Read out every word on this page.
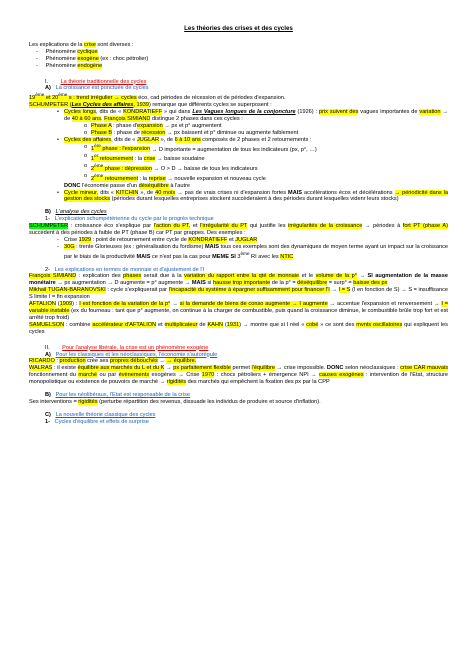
Les théories des crises et des cycles

Les explications de la crise sont diverses :

-     Phénomène cyclique

-     Phénomène exogène (ex : choc pétrolier)

-     Phénomène endogène

I. La théorie traditionnelle des cycles

A) La croissance est ponctuée de cycles

19ème et 20ème s : trend irrégulier → cycles éco, cad périodes de récession et de périodes d'expansion.

SCHUMPETER (Les Cycles des affaires, 1939) remarque que différents cycles se superposent :

• Cycles longs, dits de « KONDRATIEFF » qui dans Les Vagues longues de la conjoncture (1926) : prix suivent des vagues importantes de variation → de 40 à 60 ans. François SIMIAND distingue 2 phases dans ces cycles :
o Phase A : phase d'expansion → px et p° augmentent
o Phase B : phase de récession → px baissent et p° diminue ou augmente faiblement
• Cycles des affaires, dits de « JUGLAR », de 6 à 10 ans composés de 2 phases et 2 retournements :
o 1ère phase : l'expansion → D importante = augmentation de tous les indicateurs (px, p°, …)
o 1er retournement : la crise → baisse soudaine
o 2ème phase : dépression → O > D → baisse de tous les indicateurs
o 2ème retournement : la reprise → nouvelle expansion et nouveau cycle

DONC l'économie passe d'un déséquilibre à l'autre

• Cycle mineur, dits « KITCHIN », de 40 mois → pas de vrais crises ni d'expansion fortes MAIS accélérations écos et décélérations → périodicité dans la gestion des stocks (périodes durant lesquelles entreprises stockent succèderaient à des périodes durant lesquelles videnr leurs stocks)

B) L'analyse des cycles

1- L'explication schumpétérienne du cycle par le progrès technique

SCHUMPETER : croissance éco s'explique par l'action du PT, et l'irrégularité du PT qui justifie les irrégularités de la croissance → périodes à fort PT (phase A) succèdent à des périodes à faible de PT (phase B) car PT par grappes. Des exemples :

- Crise 1929 : point de retournement entre cycle de KONDRATIEFF et JUGLAR
- 30G : trente Glorieuses (ex : généralisation du fordisme) MAIS tous ces exemples sont des dynamiques de moyen terme ayant un impact sur la croissance par le biais de la productivité MAIS ce n'est pas la cas pour MEME SI 3ème RI avec les NTIC

2- Les explications en termes de monnaie et d'ajustement de l'I

François SIMIAND : explication des phases serait due à la variation du rapport entre la qté de monnaie et le volume de la p° → SI augmentation de la masse monétaire → px augmentation → D augmente = p° augmente → MAIS si hausse trop importante de la p° = déséquilibre = surp° = baisse des px

Mikhail TUGAN-BARANOVSKI : cycle s'expliquerait par l'incapacité du système à épargner suffisamment pour financer l'I → I = S (I en fonction de S) → S = insuffisance S limite I = fin expansion

AFTALION (1909) : I est fonction de la variation de la p° → si la demande de biens de conso augmente → I augmente → accentue l'expansion et renversement → I = variable instable (ex du fourneau : tant que p° augmente, on continue à la charger de combustible, puis quand la croissance diminue, le combustible brûle trop fort et est arrêté trop froid)

SAMUELSON : combine accélérateur d'AFTALION et multiplicateur de KAHN (1931) → montre que si I réel « cobé » ce sont des mvnts oscillatoires qui expliquent les cycles

II. Pour l'analyse libérale, la crise est un phénomène exogène

A) Pour les classiques et les néoclassiques, l'économie s'autorégule

RICARDO : production crée ses propres débouchés → → équilibre.

WALRAS : il existe équilibre aux marchés du L et du K → px parfaitement flexible permet l'équilibre → crise impossible. DONC selon néoclassiques : crise CAR mauvais fonctionnement du marché ou par évènements exogènes → Crise 1970 : chocs pétroliers + émergence NPI → causes exogènes : intervention de l'Etat, structure monopolistique ou existence de pouvoirs de marché → rigidités des marchés qui empêchent la fixation des px par la CPP

B) Pour les néolibéraux, l'Etat est responsable de la crise

Ses interventions = rigidités (perturbe répartition des revenus, dissuade les individus de produire et source d'inflation).

C) La nouvelle théorie classique des cycles

1- Cycles d'équilibre et effets de surprise
